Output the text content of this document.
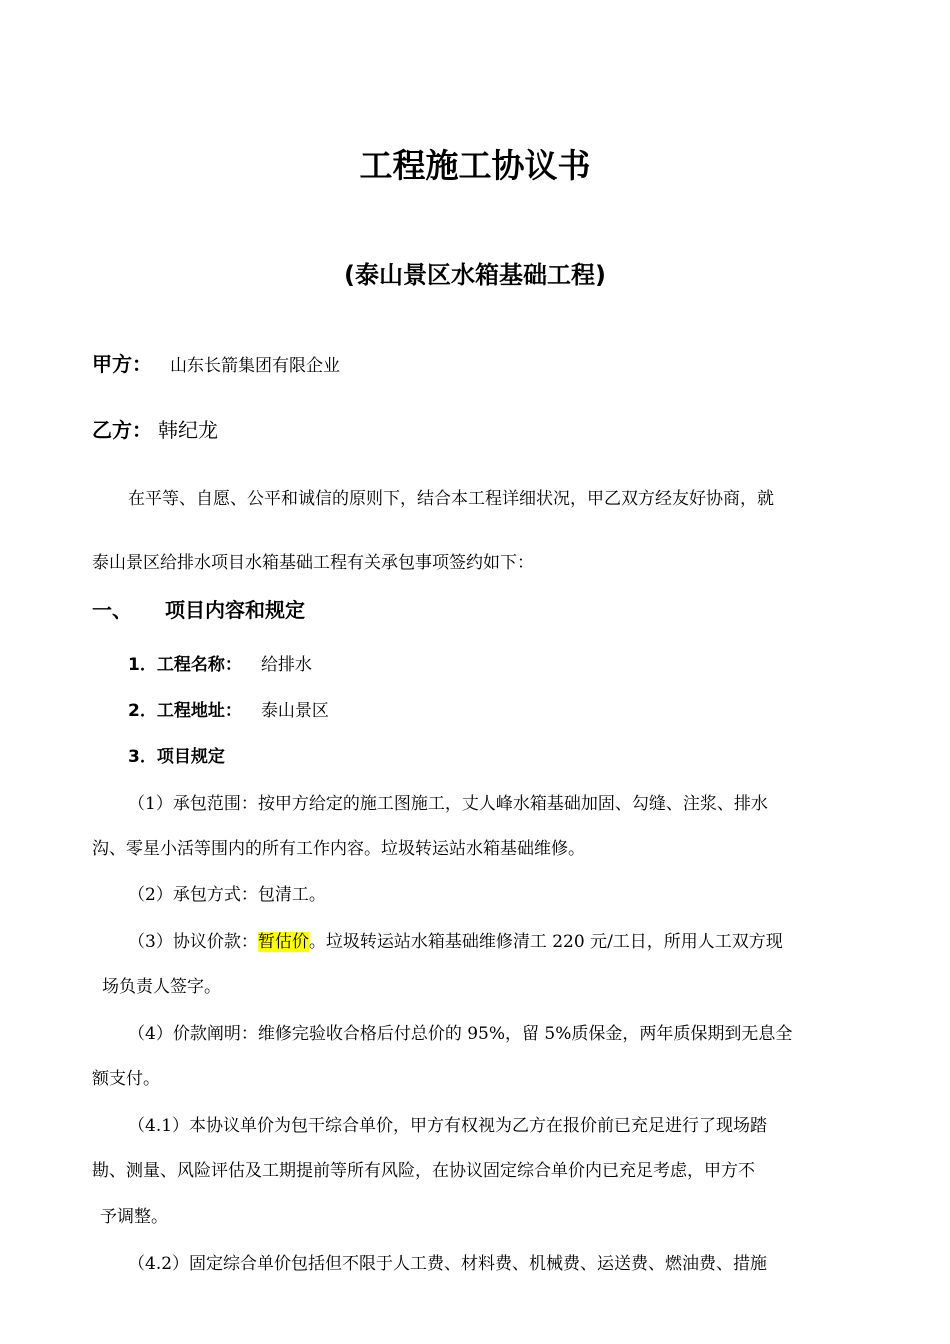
工程施工协议书
(泰山景区水箱基础工程)
甲方： 山东长箭集团有限企业
乙方： 韩纪龙
在平等、自愿、公平和诚信的原则下，结合本工程详细状况，甲乙双方经友好协商，就
泰山景区给排水项目水箱基础工程有关承包事项签约如下：
一、 项目内容和规定
1．工程名称： 给排水
2．工程地址： 泰山景区
3．项目规定
（1）承包范围：按甲方给定的施工图施工，丈人峰水箱基础加固、勾缝、注浆、排水
沟、零星小活等围内的所有工作内容。垃圾转运站水箱基础维修。
（2）承包方式：包清工。
（3）协议价款：暂估价。垃圾转运站水箱基础维修清工 220 元/工日，所用人工双方现
场负责人签字。
（4）价款阐明：维修完验收合格后付总价的 95%，留 5%质保金，两年质保期到无息全
额支付。
（4.1）本协议单价为包干综合单价，甲方有权视为乙方在报价前已充足进行了现场踏
勘、测量、风险评估及工期提前等所有风险，在协议固定综合单价内已充足考虑，甲方不
予调整。
（4.2）固定综合单价包括但不限于人工费、材料费、机械费、运送费、燃油费、措施
